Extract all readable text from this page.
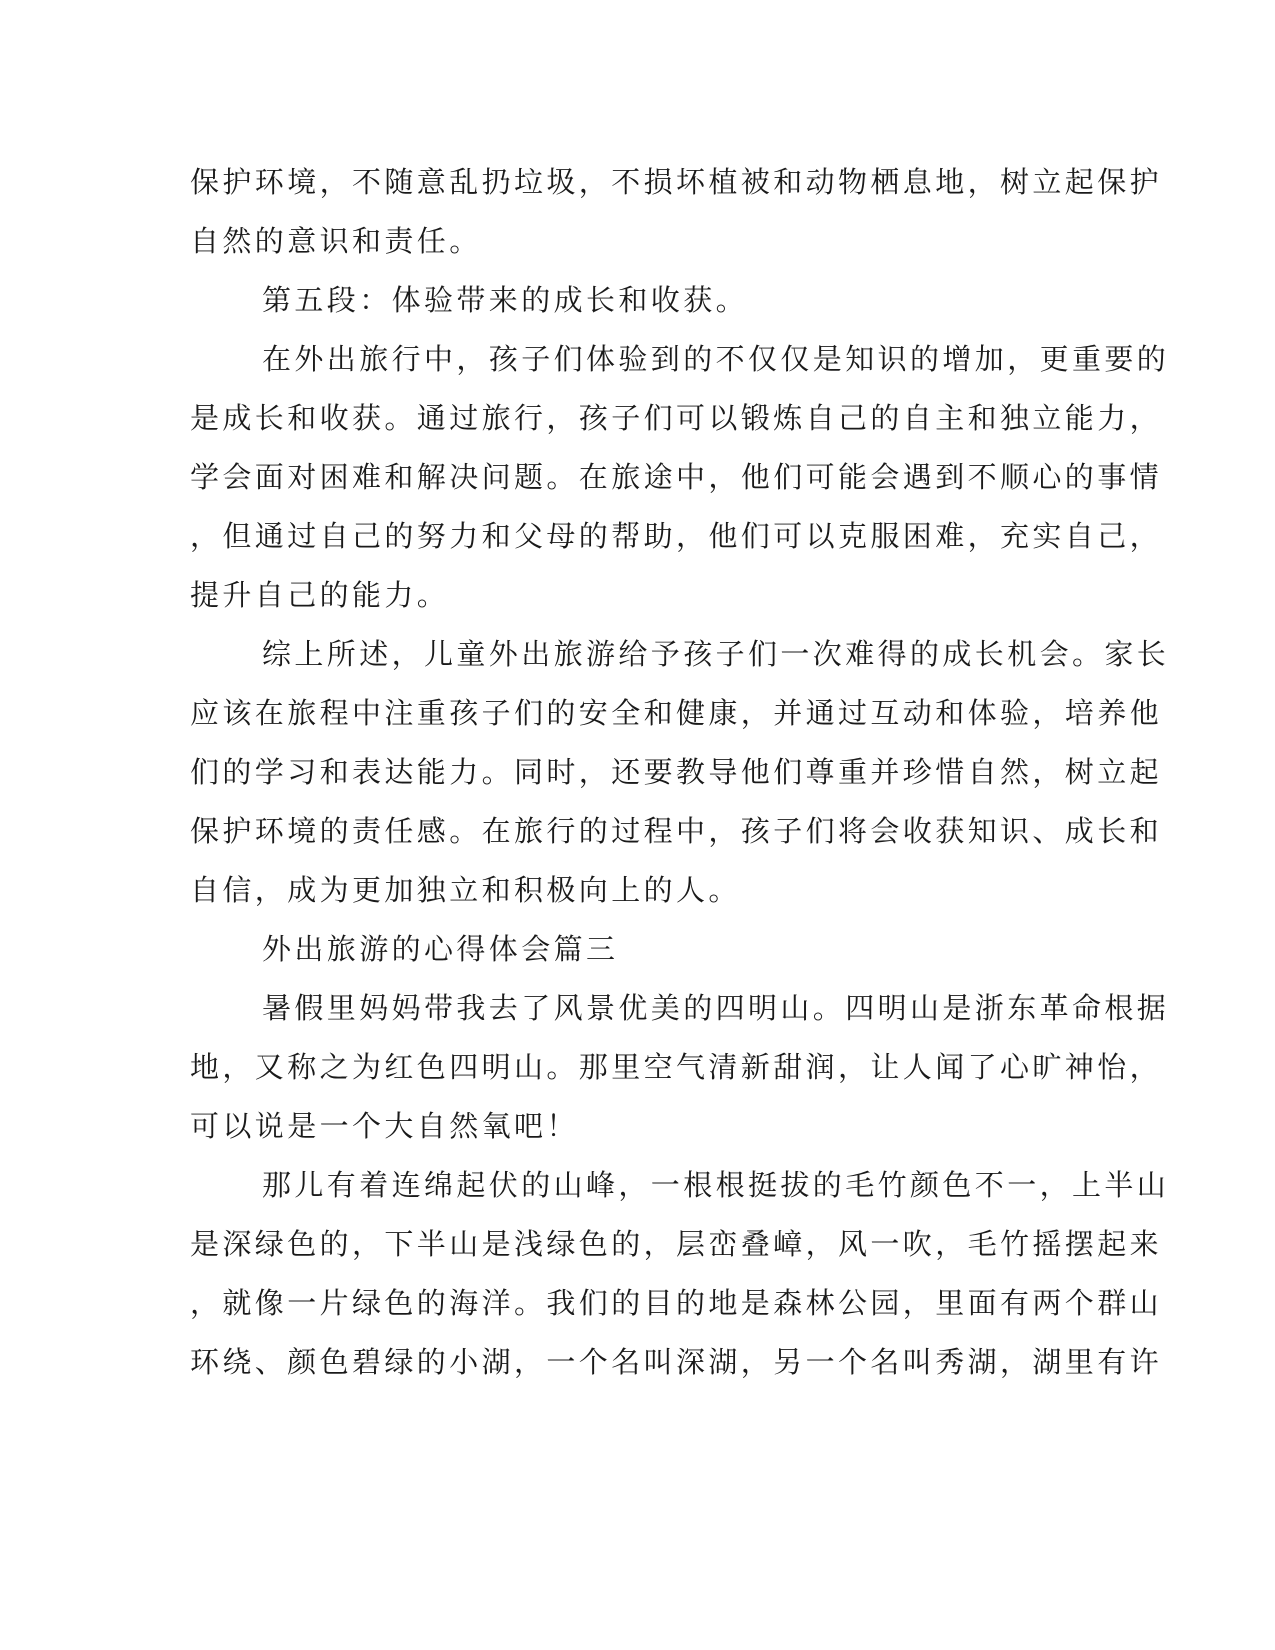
保护环境，不随意乱扔垃圾，不损坏植被和动物栖息地，树立起保护

自然的意识和责任。

第五段：体验带来的成长和收获。

在外出旅行中，孩子们体验到的不仅仅是知识的增加，更重要的

是成长和收获。通过旅行，孩子们可以锻炼自己的自主和独立能力，

学会面对困难和解决问题。在旅途中，他们可能会遇到不顺心的事情

，但通过自己的努力和父母的帮助，他们可以克服困难，充实自己，

提升自己的能力。

综上所述，儿童外出旅游给予孩子们一次难得的成长机会。家长

应该在旅程中注重孩子们的安全和健康，并通过互动和体验，培养他

们的学习和表达能力。同时，还要教导他们尊重并珍惜自然，树立起

保护环境的责任感。在旅行的过程中，孩子们将会收获知识、成长和

自信，成为更加独立和积极向上的人。

外出旅游的心得体会篇三

暑假里妈妈带我去了风景优美的四明山。四明山是浙东革命根据

地，又称之为红色四明山。那里空气清新甜润，让人闻了心旷神怡，

可以说是一个大自然氧吧！

那儿有着连绵起伏的山峰，一根根挺拔的毛竹颜色不一，上半山

是深绿色的，下半山是浅绿色的，层峦叠嶂，风一吹，毛竹摇摆起来

，就像一片绿色的海洋。我们的目的地是森林公园，里面有两个群山

环绕、颜色碧绿的小湖，一个名叫深湖，另一个名叫秀湖，湖里有许
